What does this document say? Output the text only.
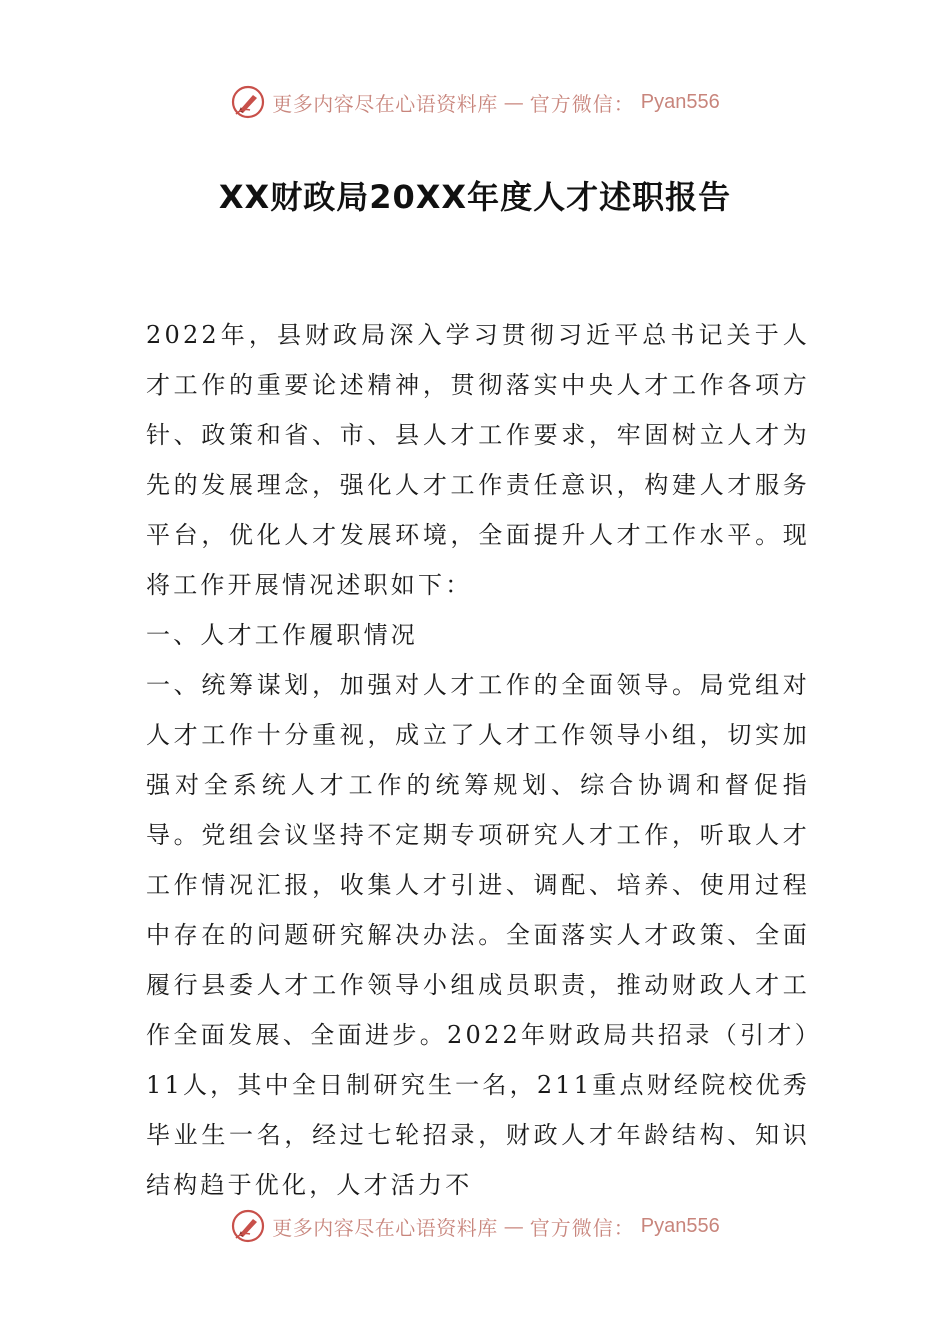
更多内容尽在心语资料库 — 官方微信： Pyan556
XX财政局20XX年度人才述职报告

2022年，县财政局深入学习贯彻习近平总书记关于人才工作的重要论述精神，贯彻落实中央人才工作各项方针、政策和省、市、县人才工作要求，牢固树立人才为先的发展理念，强化人才工作责任意识，构建人才服务平台，优化人才发展环境，全面提升人才工作水平。现将工作开展情况述职如下：

一、人才工作履职情况

一、统筹谋划，加强对人才工作的全面领导。局党组对人才工作十分重视，成立了人才工作领导小组，切实加强对全系统人才工作的统筹规划、综合协调和督促指导。党组会议坚持不定期专项研究人才工作，听取人才工作情况汇报，收集人才引进、调配、培养、使用过程中存在的问题研究解决办法。全面落实人才政策、全面履行县委人才工作领导小组成员职责，推动财政人才工作全面发展、全面进步。2022年财政局共招录（引才）11人，其中全日制研究生一名，211重点财经院校优秀毕业生一名，经过七轮招录，财政人才年龄结构、知识结构趋于优化，人才活力不

更多内容尽在心语资料库 — 官方微信： Pyan556
